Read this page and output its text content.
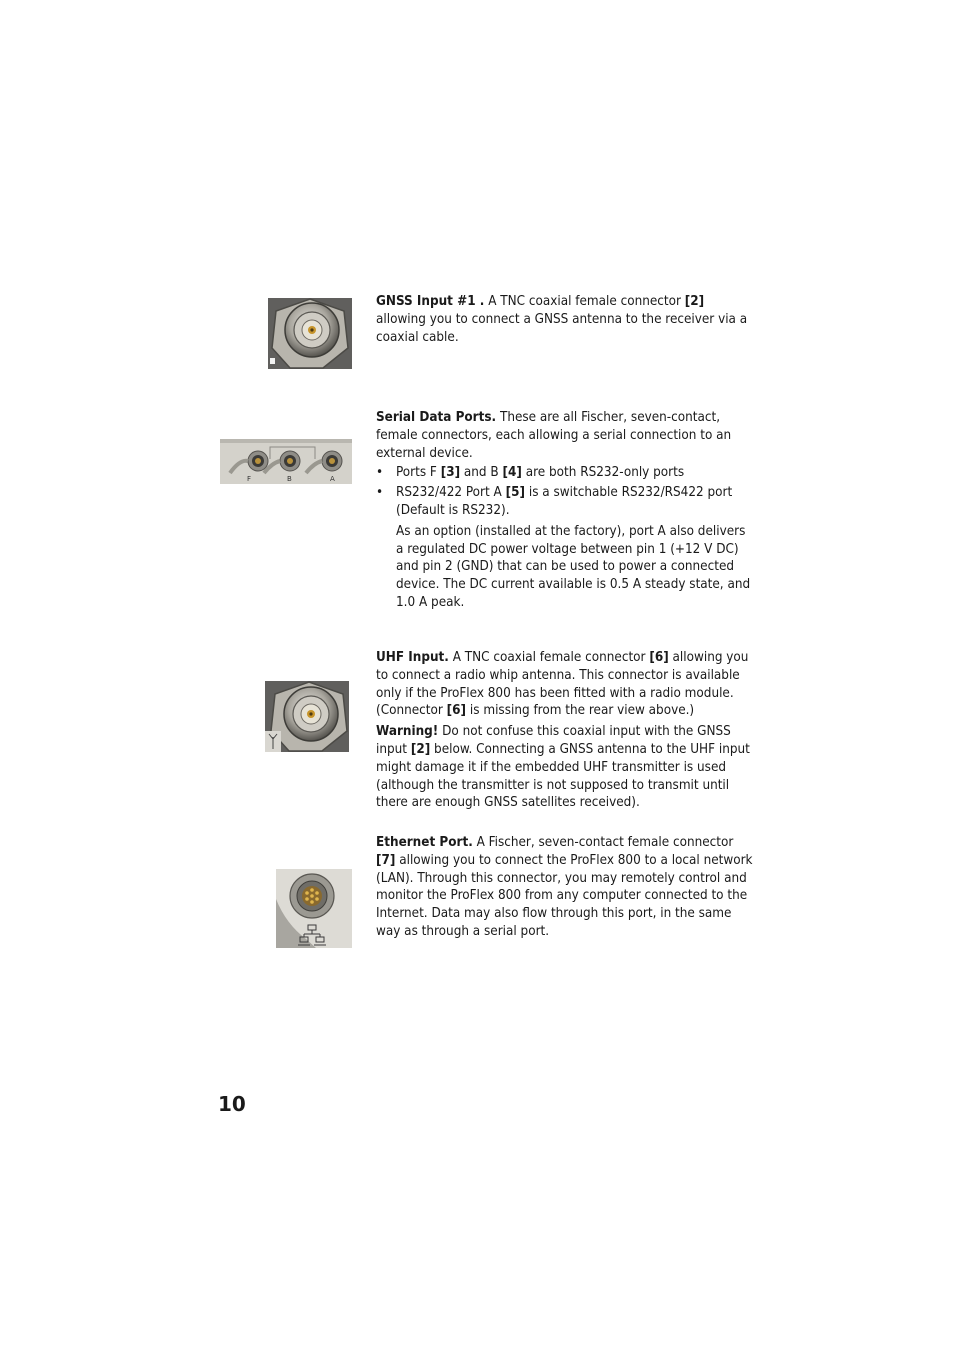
GNSS Input #1 . A TNC coaxial female connector [2] allowing you to connect a GNSS antenna to the receiver via a coaxial cable.

F	B	A

Serial Data Ports. These are all Fischer, seven-contact, female connectors, each allowing a serial connection to an external device.

• Ports F [3] and B [4] are both RS232-only ports
• RS232/422 Port A [5] is a switchable RS232/RS422 port (Default is RS232).

As an option (installed at the factory), port A also delivers a regulated DC power voltage between pin 1 (+12 V DC) and pin 2 (GND) that can be used to power a connected device. The DC current available is 0.5 A steady state, and 1.0 A peak.

UHF Input. A TNC coaxial female connector [6] allowing you to connect a radio whip antenna. This connector is available only if the ProFlex 800 has been fitted with a radio module. (Connector [6] is missing from the rear view above.)

Warning! Do not confuse this coaxial input with the GNSS input [2] below. Connecting a GNSS antenna to the UHF input might damage it if the embedded UHF transmitter is used (although the transmitter is not supposed to transmit until there are enough GNSS satellites received).

Ethernet Port. A Fischer, seven-contact female connector [7] allowing you to connect the ProFlex 800 to a local network (LAN). Through this connector, you may remotely control and monitor the ProFlex 800 from any computer connected to the Internet. Data may also flow through this port, in the same way as through a serial port.

10
